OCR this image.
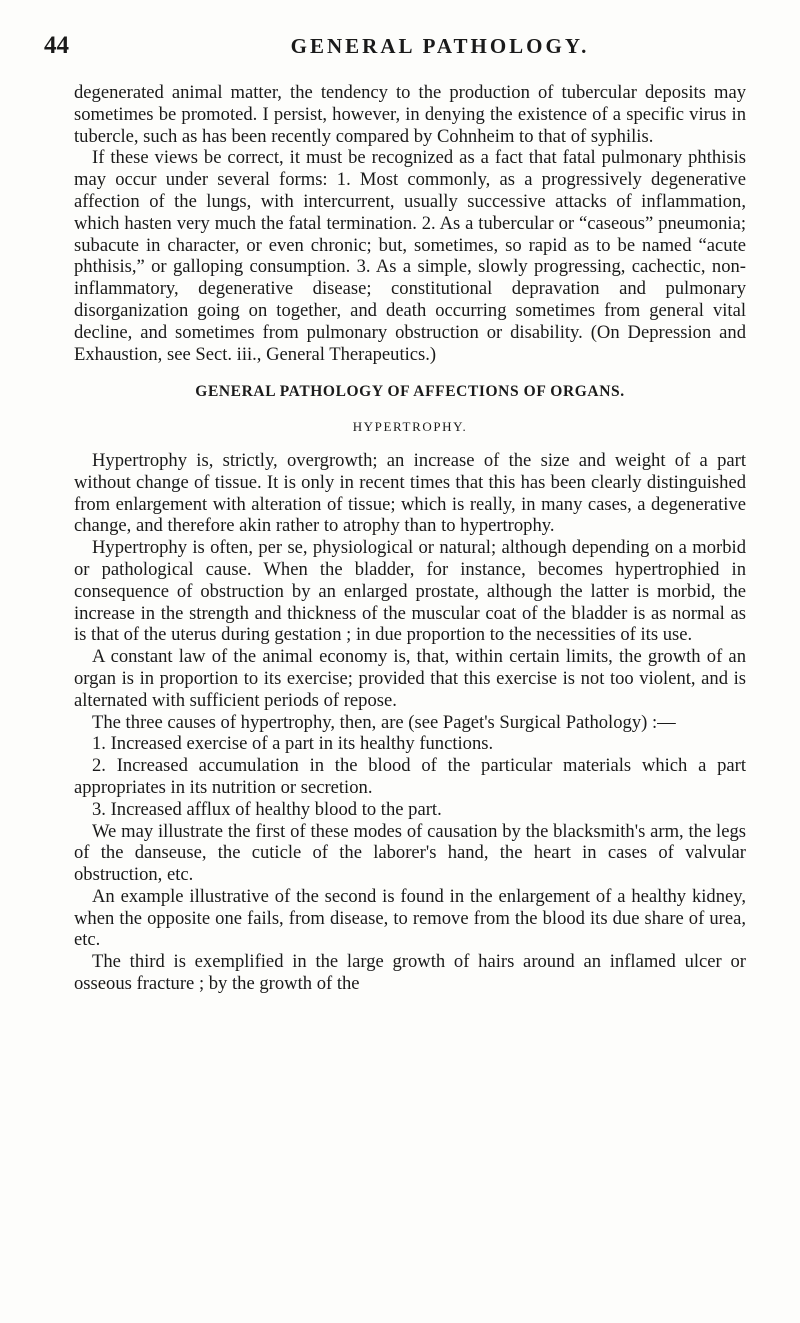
44	GENERAL PATHOLOGY.

degenerated animal matter, the tendency to the production of tubercular deposits may sometimes be promoted. I persist, however, in denying the existence of a specific virus in tubercle, such as has been recently compared by Cohnheim to that of syphilis.

If these views be correct, it must be recognized as a fact that fatal pulmonary phthisis may occur under several forms: 1. Most commonly, as a progressively degenerative affection of the lungs, with intercurrent, usually successive attacks of inflammation, which hasten very much the fatal termination. 2. As a tubercular or “caseous” pneumonia; subacute in character, or even chronic; but, sometimes, so rapid as to be named “acute phthisis,” or galloping consumption. 3. As a simple, slowly progressing, cachectic, non-inflammatory, degenerative disease; constitutional depravation and pulmonary disorganization going on together, and death occurring sometimes from general vital decline, and sometimes from pulmonary obstruction or disability. (On Depression and Exhaustion, see Sect. iii., General Therapeutics.)

GENERAL PATHOLOGY OF AFFECTIONS OF ORGANS.
HYPERTROPHY.

Hypertrophy is, strictly, overgrowth; an increase of the size and weight of a part without change of tissue. It is only in recent times that this has been clearly distinguished from enlargement with alteration of tissue; which is really, in many cases, a degenerative change, and therefore akin rather to atrophy than to hypertrophy.

Hypertrophy is often, per se, physiological or natural; although depending on a morbid or pathological cause. When the bladder, for instance, becomes hypertrophied in consequence of obstruction by an enlarged prostate, although the latter is morbid, the increase in the strength and thickness of the muscular coat of the bladder is as normal as is that of the uterus during gestation ; in due proportion to the necessities of its use.

A constant law of the animal economy is, that, within certain limits, the growth of an organ is in proportion to its exercise; provided that this exercise is not too violent, and is alternated with sufficient periods of repose.

The three causes of hypertrophy, then, are (see Paget's Surgical Pathology) :—

1. Increased exercise of a part in its healthy functions.

2. Increased accumulation in the blood of the particular materials which a part appropriates in its nutrition or secretion.

3. Increased afflux of healthy blood to the part.

We may illustrate the first of these modes of causation by the blacksmith's arm, the legs of the danseuse, the cuticle of the laborer's hand, the heart in cases of valvular obstruction, etc.

An example illustrative of the second is found in the enlargement of a healthy kidney, when the opposite one fails, from disease, to remove from the blood its due share of urea, etc.

The third is exemplified in the large growth of hairs around an inflamed ulcer or osseous fracture ; by the growth of the
